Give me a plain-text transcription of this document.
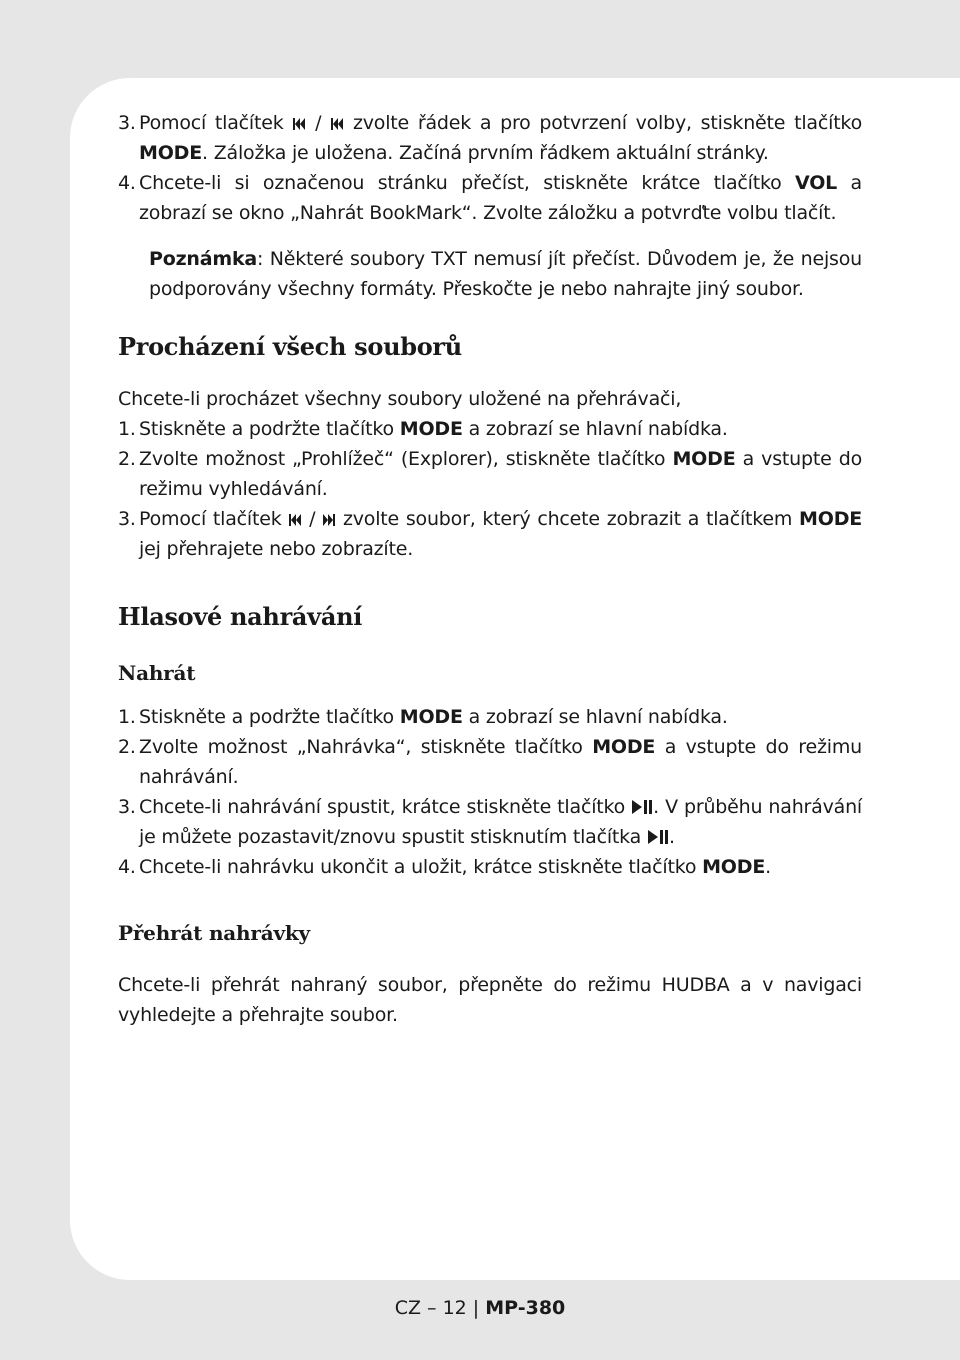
3. Pomocí tlačítek / zvolte řádek a pro potvrzení volby, stiskněte tlačítko MODE. Záložka je uložena. Začíná prvním řádkem aktuální stránky.
4. Chcete-li si označenou stránku přečíst, stiskněte krátce tlačítko VOL a zobrazí se okno „Nahrát BookMark“. Zvolte záložku a potvrďte volbu tlačít.

Poznámka: Některé soubory TXT nemusí jít přečíst. Důvodem je, že nejsou podporovány všechny formáty. Přeskočte je nebo nahrajte jiný soubor.

Procházení všech souborů

Chcete-li procházet všechny soubory uložené na přehrávači,

1. Stiskněte a podržte tlačítko MODE a zobrazí se hlavní nabídka.
2. Zvolte možnost „Prohlížeč“ (Explorer), stiskněte tlačítko MODE a vstupte do režimu vyhledávání.
3. Pomocí tlačítek / zvolte soubor, který chcete zobrazit a tlačítkem MODE jej přehrajete nebo zobrazíte.
Hlasové nahrávání
Nahrát
1. Stiskněte a podržte tlačítko MODE a zobrazí se hlavní nabídka.
2. Zvolte možnost „Nahrávka“, stiskněte tlačítko MODE a vstupte do režimu nahrávání.
3. Chcete-li nahrávání spustit, krátce stiskněte tlačítko . V průběhu nahrávání je můžete pozastavit/znovu spustit stisknutím tlačítka .
4. Chcete-li nahrávku ukončit a uložit, krátce stiskněte tlačítko MODE.
Přehrát nahrávky

Chcete-li přehrát nahraný soubor, přepněte do režimu HUDBA a v navigaci vyhledejte a přehrajte soubor.

CZ – 12 | MP-380
